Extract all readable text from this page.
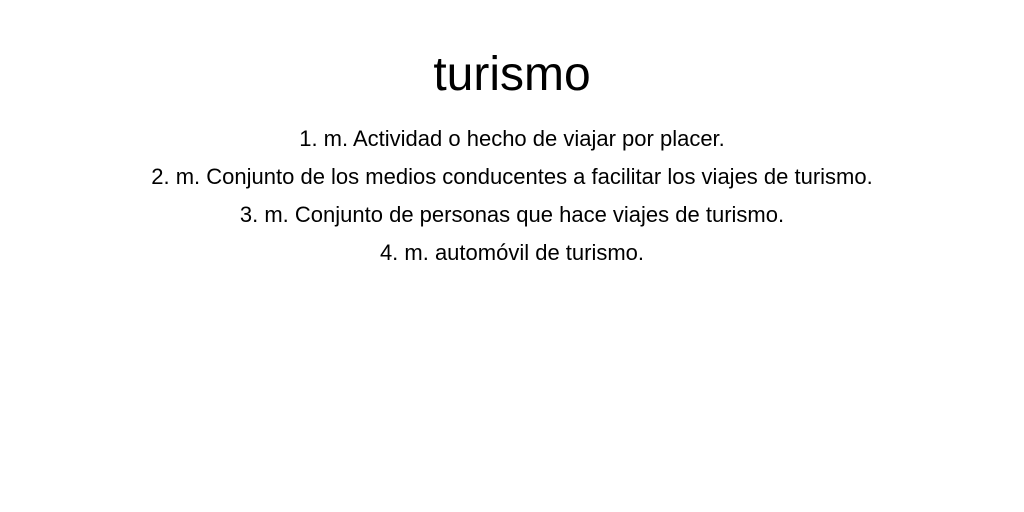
turismo
1. m. Actividad o hecho de viajar por placer.
2. m. Conjunto de los medios conducentes a facilitar los viajes de turismo.
3. m. Conjunto de personas que hace viajes de turismo.
4. m. automóvil de turismo.
